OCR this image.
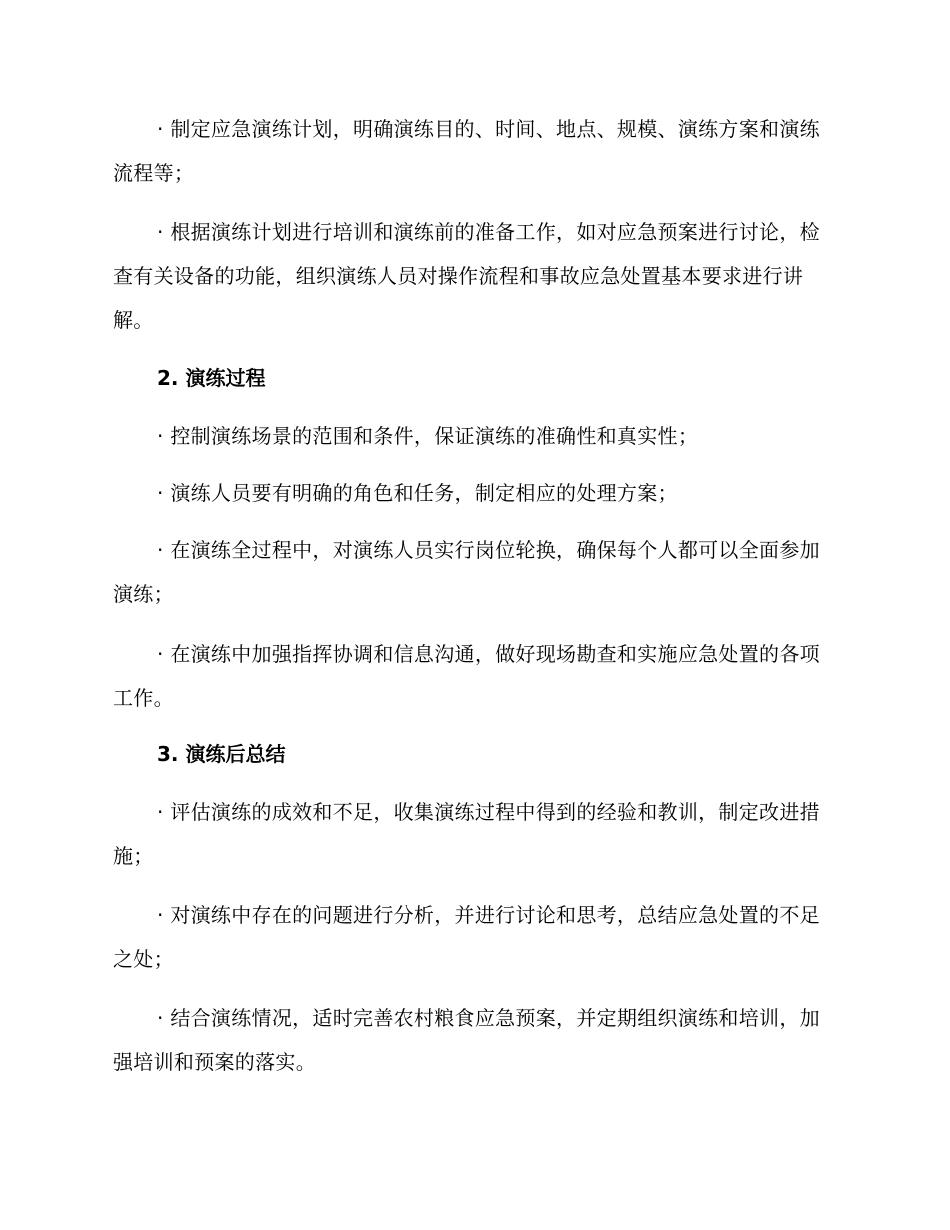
· 制定应急演练计划，明确演练目的、时间、地点、规模、演练方案和演练流程等；

· 根据演练计划进行培训和演练前的准备工作，如对应急预案进行讨论，检查有关设备的功能，组织演练人员对操作流程和事故应急处置基本要求进行讲解。

2. 演练过程

· 控制演练场景的范围和条件，保证演练的准确性和真实性；

· 演练人员要有明确的角色和任务，制定相应的处理方案；

· 在演练全过程中，对演练人员实行岗位轮换，确保每个人都可以全面参加演练；

· 在演练中加强指挥协调和信息沟通，做好现场勘查和实施应急处置的各项工作。

3. 演练后总结

· 评估演练的成效和不足，收集演练过程中得到的经验和教训，制定改进措施；

· 对演练中存在的问题进行分析，并进行讨论和思考，总结应急处置的不足之处；

· 结合演练情况，适时完善农村粮食应急预案，并定期组织演练和培训，加强培训和预案的落实。
